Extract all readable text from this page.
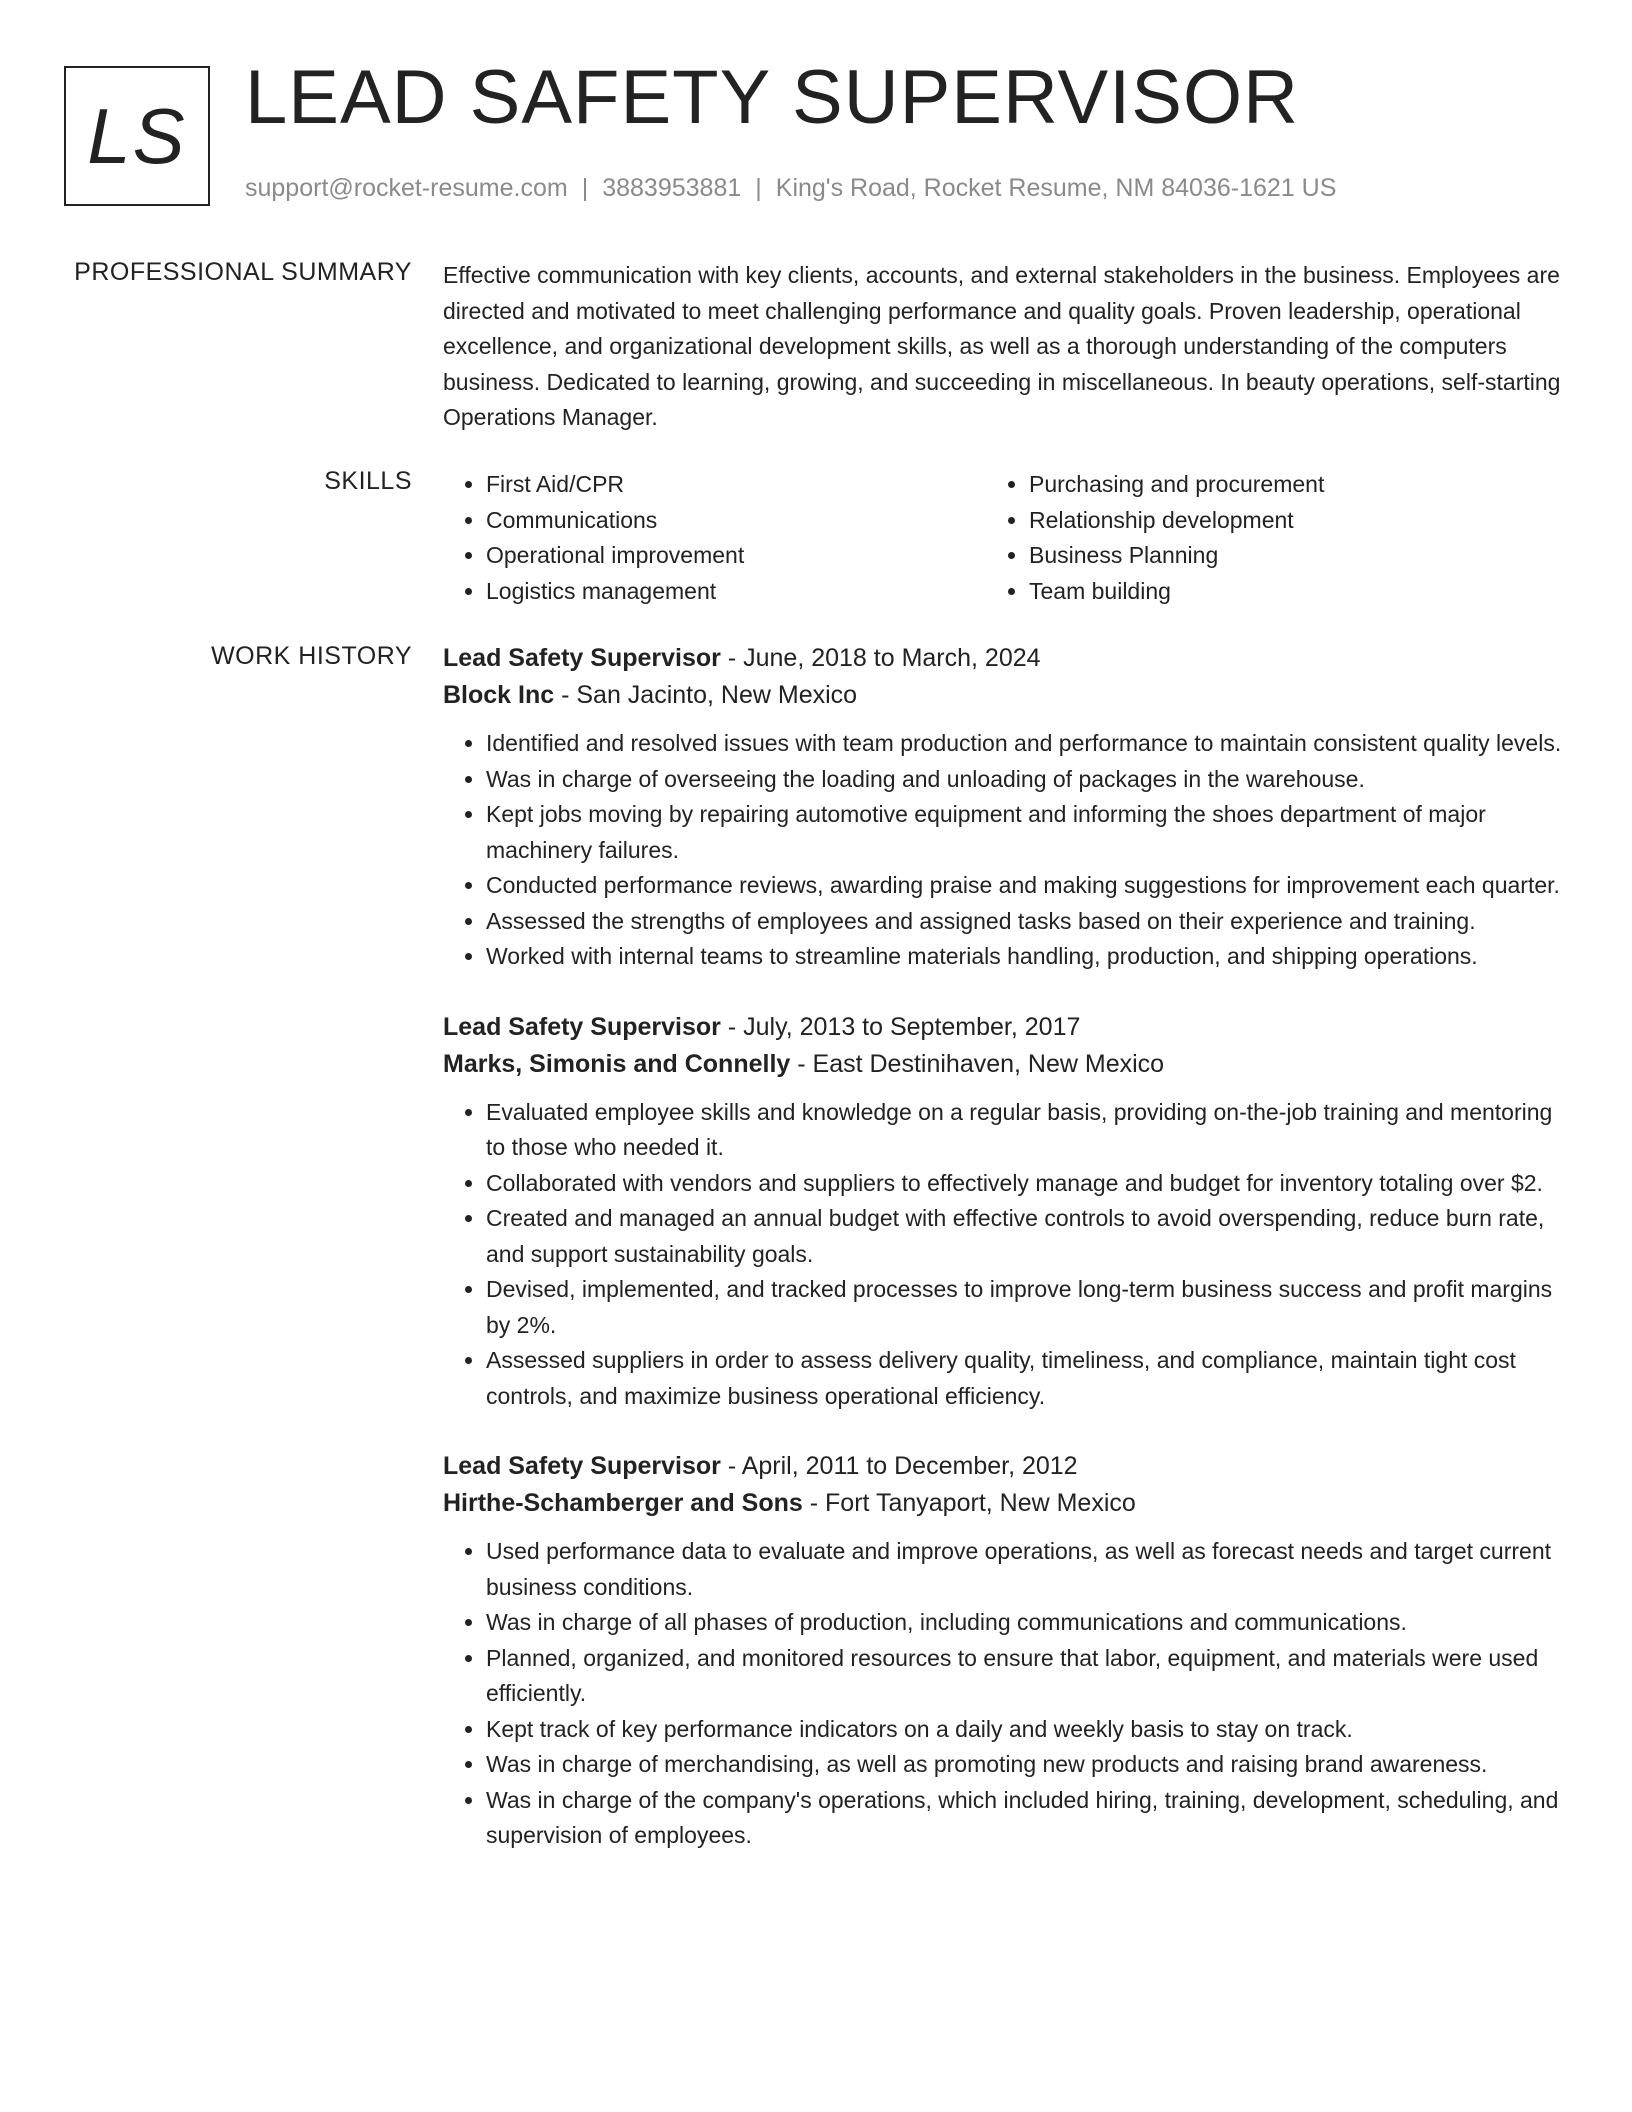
LS LEAD SAFETY SUPERVISOR
support@rocket-resume.com | 3883953881 | King's Road, Rocket Resume, NM 84036-1621 US
PROFESSIONAL SUMMARY Effective communication with key clients, accounts, and external stakeholders in the business. Employees are directed and motivated to meet challenging performance and quality goals. Proven leadership, operational excellence, and organizational development skills, as well as a thorough understanding of the computers business. Dedicated to learning, growing, and succeeding in miscellaneous. In beauty operations, self-starting Operations Manager.

SKILLS
•	First Aid/CPR
• Communications
• Operational improvement
• Logistics management
• Purchasing and procurement
• Relationship development
• Business Planning
• Team building
WORK HISTORY Lead Safety Supervisor - June, 2018 to March, 2024
Block Inc - San Jacinto, New Mexico
• Identified and resolved issues with team production and performance to maintain consistent quality levels.
• Was in charge of overseeing the loading and unloading of packages in the warehouse.
• Kept jobs moving by repairing automotive equipment and informing the shoes department of major machinery failures.
• Conducted performance reviews, awarding praise and making suggestions for improvement each quarter.
• Assessed the strengths of employees and assigned tasks based on their experience and training.
• Worked with internal teams to streamline materials handling, production, and shipping operations.
Lead Safety Supervisor - July, 2013 to September, 2017
Marks, Simonis and Connelly - East Destinihaven, New Mexico
• Evaluated employee skills and knowledge on a regular basis, providing on-the-job training and mentoring to those who needed it.
• Collaborated with vendors and suppliers to effectively manage and budget for inventory totaling over $2.
• Created and managed an annual budget with effective controls to avoid overspending, reduce burn rate, and support sustainability goals.
• Devised, implemented, and tracked processes to improve long-term business success and profit margins by 2%.
• Assessed suppliers in order to assess delivery quality, timeliness, and compliance, maintain tight cost controls, and maximize business operational efficiency.
Lead Safety Supervisor - April, 2011 to December, 2012
Hirthe-Schamberger and Sons - Fort Tanyaport, New Mexico
• Used performance data to evaluate and improve operations, as well as forecast needs and target current business conditions.
• Was in charge of all phases of production, including communications and communications.
• Planned, organized, and monitored resources to ensure that labor, equipment, and materials were used efficiently.
• Kept track of key performance indicators on a daily and weekly basis to stay on track.
• Was in charge of merchandising, as well as promoting new products and raising brand awareness.
• Was in charge of the company's operations, which included hiring, training, development, scheduling, and supervision of employees.
